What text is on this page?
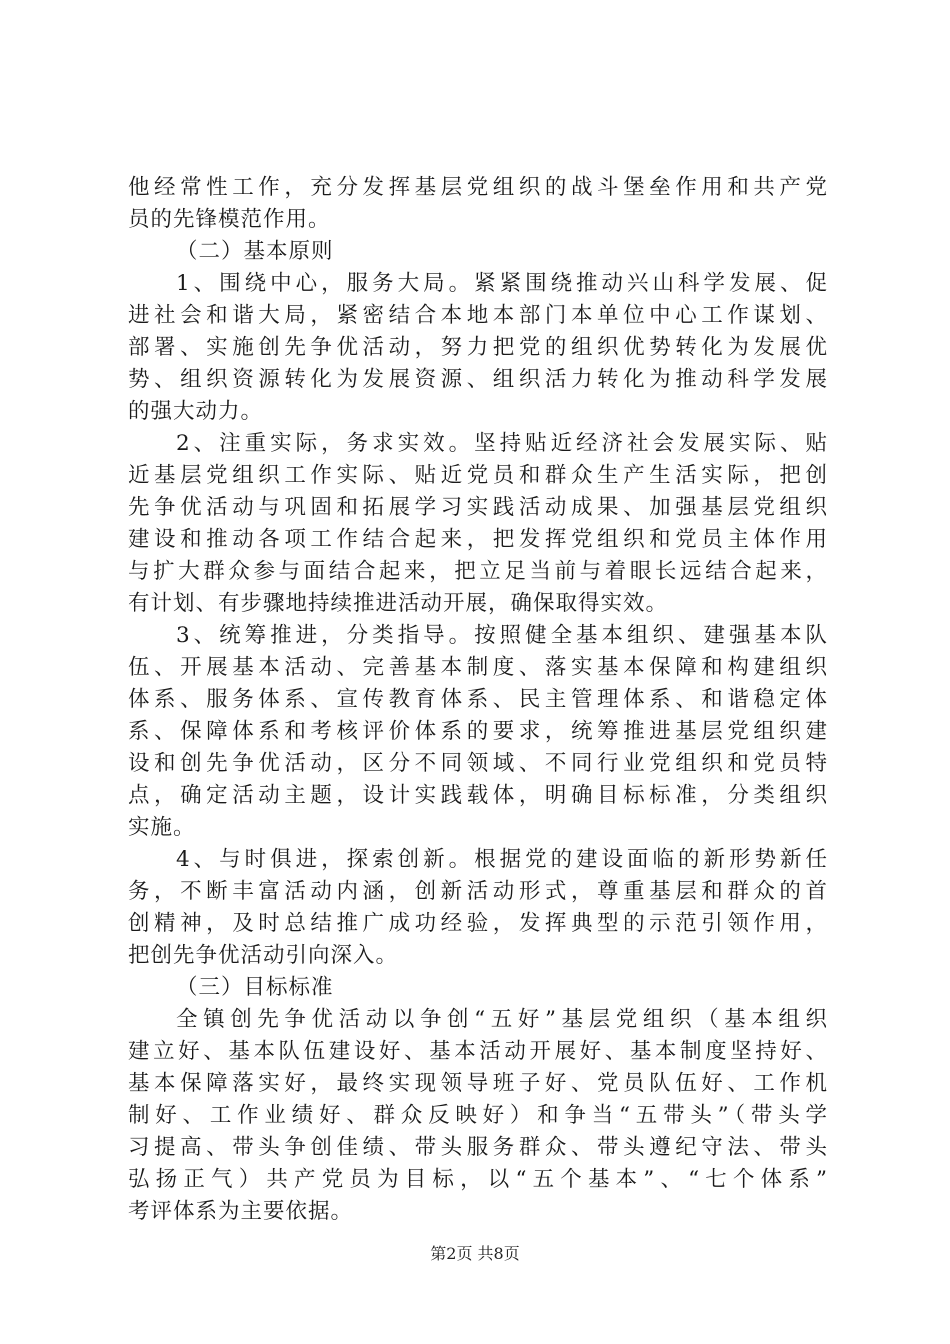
他经常性工作，充分发挥基层党组织的战斗堡垒作用和共产党
员的先锋模范作用。
（二）基本原则
1、围绕中心，服务大局。紧紧围绕推动兴山科学发展、促
进社会和谐大局，紧密结合本地本部门本单位中心工作谋划、
部署、实施创先争优活动，努力把党的组织优势转化为发展优
势、组织资源转化为发展资源、组织活力转化为推动科学发展
的强大动力。
2、注重实际，务求实效。坚持贴近经济社会发展实际、贴
近基层党组织工作实际、贴近党员和群众生产生活实际，把创
先争优活动与巩固和拓展学习实践活动成果、加强基层党组织
建设和推动各项工作结合起来，把发挥党组织和党员主体作用
与扩大群众参与面结合起来，把立足当前与着眼长远结合起来，
有计划、有步骤地持续推进活动开展，确保取得实效。
3、统筹推进，分类指导。按照健全基本组织、建强基本队
伍、开展基本活动、完善基本制度、落实基本保障和构建组织
体系、服务体系、宣传教育体系、民主管理体系、和谐稳定体
系、保障体系和考核评价体系的要求，统筹推进基层党组织建
设和创先争优活动，区分不同领域、不同行业党组织和党员特
点，确定活动主题，设计实践载体，明确目标标准，分类组织
实施。
4、与时俱进，探索创新。根据党的建设面临的新形势新任
务，不断丰富活动内涵，创新活动形式，尊重基层和群众的首
创精神，及时总结推广成功经验，发挥典型的示范引领作用，
把创先争优活动引向深入。
（三）目标标准
全镇创先争优活动以争创“五好”基层党组织（基本组织
建立好、基本队伍建设好、基本活动开展好、基本制度坚持好、
基本保障落实好，最终实现领导班子好、党员队伍好、工作机
制好、工作业绩好、群众反映好）和争当“五带头”（带头学
习提高、带头争创佳绩、带头服务群众、带头遵纪守法、带头
弘扬正气）共产党员为目标，以“五个基本”、“七个体系”
考评体系为主要依据。
第2页 共8页
